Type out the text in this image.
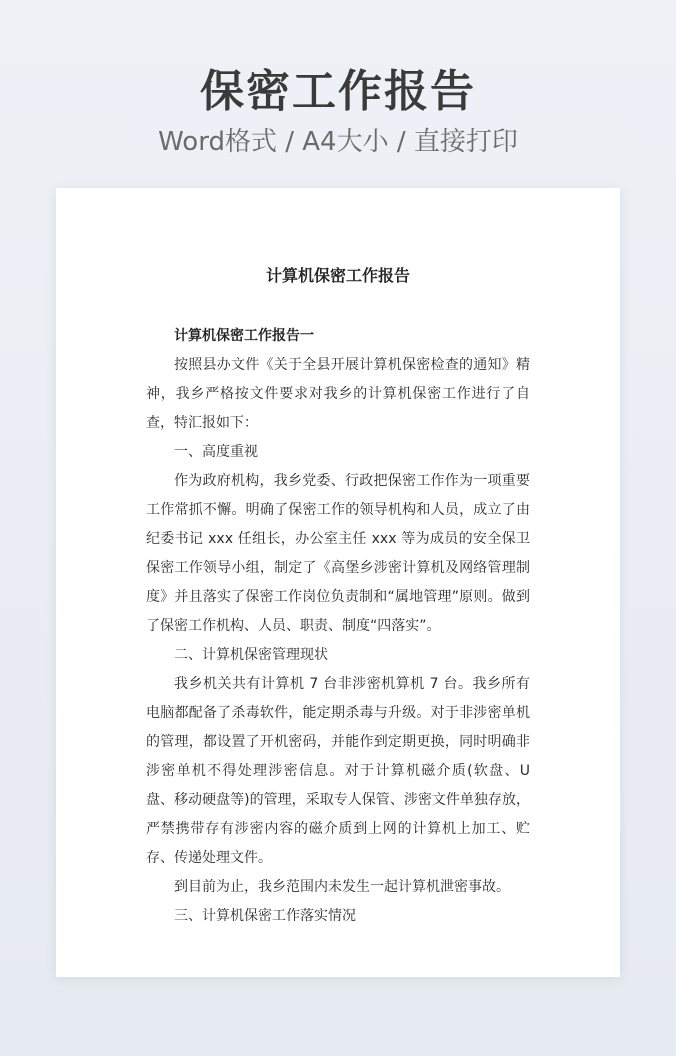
保密工作报告
Word格式 / A4大小 / 直接打印
计算机保密工作报告
计算机保密工作报告一

按照县办文件《关于全县开展计算机保密检查的通知》精神，我乡严格按文件要求对我乡的计算机保密工作进行了自查，特汇报如下：

一、高度重视

作为政府机构，我乡党委、行政把保密工作作为一项重要工作常抓不懈。明确了保密工作的领导机构和人员，成立了由纪委书记 xxx 任组长，办公室主任 xxx 等为成员的安全保卫保密工作领导小组，制定了《高堡乡涉密计算机及网络管理制度》并且落实了保密工作岗位负责制和“属地管理”原则。做到了保密工作机构、人员、职责、制度“四落实”。

二、计算机保密管理现状

我乡机关共有计算机 7 台非涉密机算机 7 台。我乡所有电脑都配备了杀毒软件，能定期杀毒与升级。对于非涉密单机的管理，都设置了开机密码，并能作到定期更换，同时明确非涉密单机不得处理涉密信息。对于计算机磁介质(软盘、U 盘、移动硬盘等)的管理，采取专人保管、涉密文件单独存放，严禁携带存有涉密内容的磁介质到上网的计算机上加工、贮存、传递处理文件。

到目前为止，我乡范围内未发生一起计算机泄密事故。

三、计算机保密工作落实情况
